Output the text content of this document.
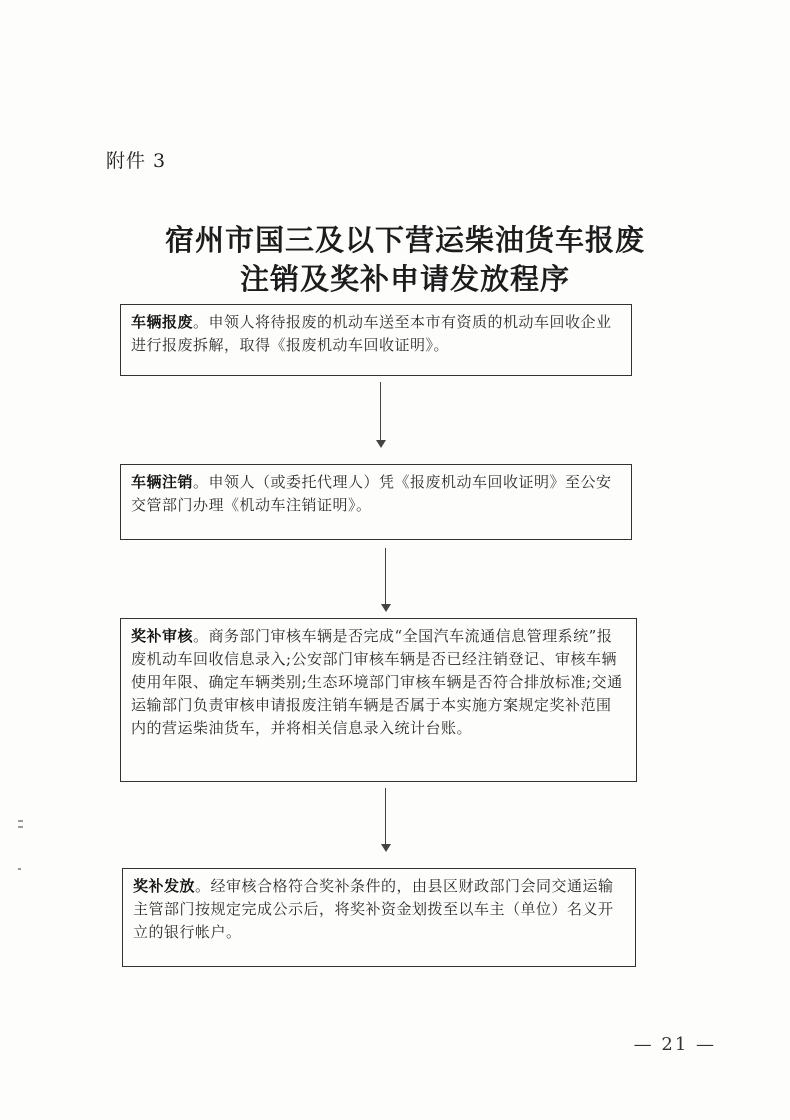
附件 3
宿州市国三及以下营运柴油货车报废
注销及奖补申请发放程序
车辆报废。申领人将待报废的机动车送至本市有资质的机动车回收企业进行报废拆解，取得《报废机动车回收证明》。
车辆注销。申领人（或委托代理人）凭《报废机动车回收证明》至公安交管部门办理《机动车注销证明》。
奖补审核。商务部门审核车辆是否完成“全国汽车流通信息管理系统”报废机动车回收信息录入;公安部门审核车辆是否已经注销登记、审核车辆使用年限、确定车辆类别;生态环境部门审核车辆是否符合排放标准;交通运输部门负责审核申请报废注销车辆是否属于本实施方案规定奖补范围内的营运柴油货车，并将相关信息录入统计台账。
奖补发放。经审核合格符合奖补条件的，由县区财政部门会同交通运输主管部门按规定完成公示后，将奖补资金划拨至以车主（单位）名义开立的银行帐户。
— 21 —
